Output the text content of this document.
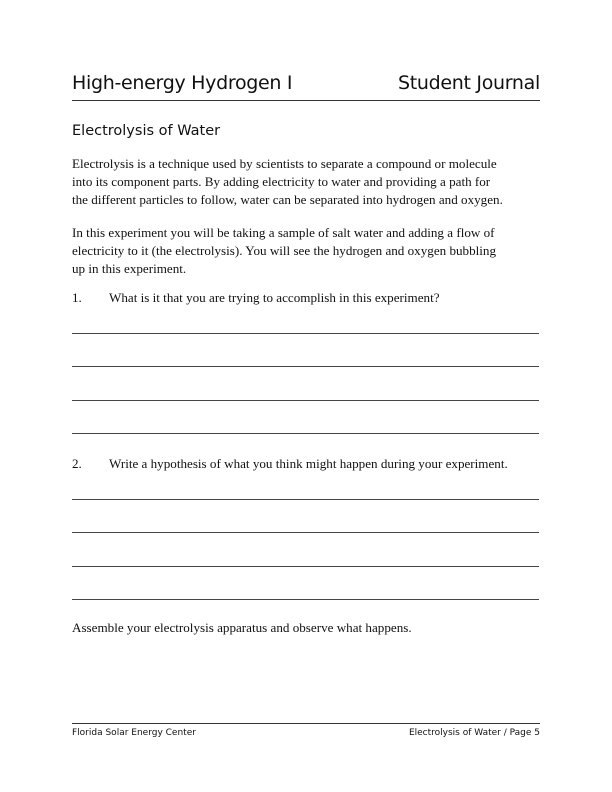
High-energy Hydrogen I	Student Journal
Electrolysis of Water
Electrolysis is a technique used by scientists to separate a compound or molecule
into its component parts. By adding electricity to water and providing a path for
the different particles to follow, water can be separated into hydrogen and oxygen.
In this experiment you will be taking a sample of salt water and adding a flow of
electricity to it (the electrolysis). You will see the hydrogen and oxygen bubbling
up in this experiment.
1. What is it that you are trying to accomplish in this experiment?
2. Write a hypothesis of what you think might happen during your experiment.
Assemble your electrolysis apparatus and observe what happens.
Florida Solar Energy Center	Electrolysis of Water / Page 5
